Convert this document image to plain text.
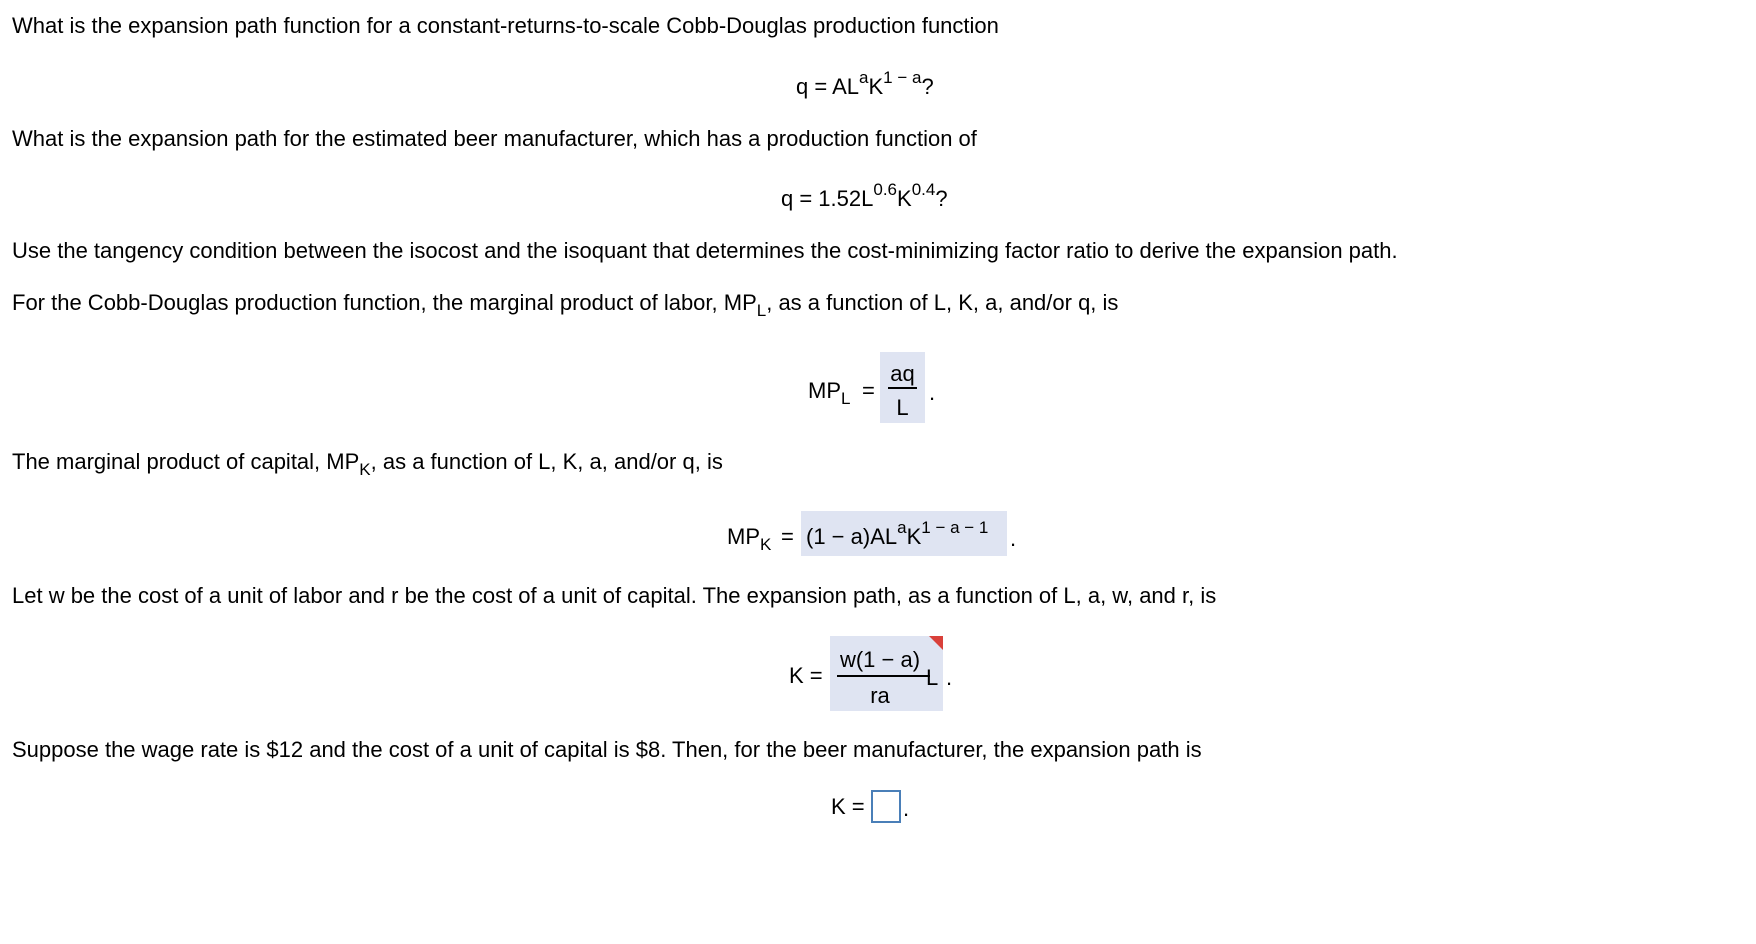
What is the expansion path function for a constant-returns-to-scale Cobb-Douglas production function
$q = AL^aK^{1 - a}$?
What is the expansion path for the estimated beer manufacturer, which has a production function of
$q = 1.52L^{0.6}K^{0.4}$?
Use the tangency condition between the isocost and the isoquant that determines the cost-minimizing factor ratio to derive the expansion path.
For the Cobb-Douglas production function, the marginal product of labor, $MP_L$, as a function of L, K, a, and/or q, is
$MP_L$ =
aq
L
.
The marginal product of capital, $MP_K$, as a function of L, K, a, and/or q, is
$MP_K = (1 - a)AL^aK^{1 - a - 1}$ .
Let w be the cost of a unit of labor and r be the cost of a unit of capital. The expansion path, as a function of L, a, w, and r, is
K =
w(1 − a)
ra
L .
Suppose the wage rate is $12 and the cost of a unit of capital is $8. Then, for the beer manufacturer, the expansion path is
K = .
